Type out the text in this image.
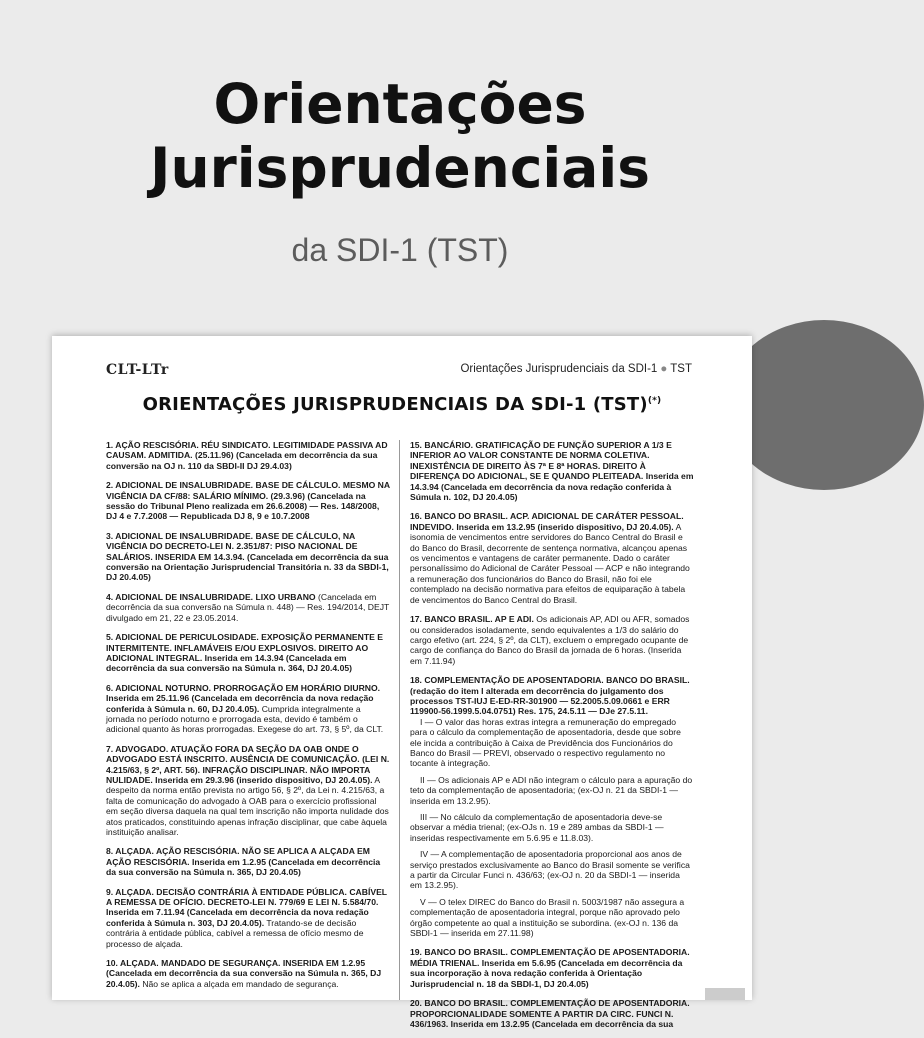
Orientações
Jurisprudenciais

da SDI-1 (TST)

CLT-LTr	Orientações Jurisprudenciais da SDI-1 ● TST
ORIENTAÇÕES JURISPRUDENCIAIS DA SDI-1 (TST)(*)
1. AÇÃO RESCISÓRIA. RÉU SINDICATO. LEGITIMIDADE PASSIVA AD CAUSAM. ADMITIDA. (25.11.96) (Cancelada em decorrência da sua conversão na OJ n. 110 da SBDI-II DJ 29.4.03)
2. ADICIONAL DE INSALUBRIDADE. BASE DE CÁLCULO. MESMO NA VIGÊNCIA DA CF/88: SALÁRIO MÍNIMO. (29.3.96) (Cancelada na sessão do Tribunal Pleno realizada em 26.6.2008) — Res. 148/2008, DJ 4 e 7.7.2008 — Republicada DJ 8, 9 e 10.7.2008
3. ADICIONAL DE INSALUBRIDADE. BASE DE CÁLCULO, NA VIGÊNCIA DO DECRETO-LEI N. 2.351/87: PISO NACIONAL DE SALÁRIOS. INSERIDA EM 14.3.94. (Cancelada em decorrência da sua conversão na Orientação Jurisprudencial Transitória n. 33 da SBDI-1, DJ 20.4.05)
4. ADICIONAL DE INSALUBRIDADE. LIXO URBANO (Cancelada em decorrência da sua conversão na Súmula n. 448) — Res. 194/2014, DEJT divulgado em 21, 22 e 23.05.2014.
5. ADICIONAL DE PERICULOSIDADE. EXPOSIÇÃO PERMANENTE E INTERMITENTE. INFLAMÁVEIS E/OU EXPLOSIVOS. DIREITO AO ADICIONAL INTEGRAL. Inserida em 14.3.94 (Cancelada em decorrência da sua conversão na Súmula n. 364, DJ 20.4.05)
6. ADICIONAL NOTURNO. PRORROGAÇÃO EM HORÁRIO DIURNO. Inserida em 25.11.96 (Cancelada em decorrência da nova redação conferida à Súmula n. 60, DJ 20.4.05). Cumprida integralmente a jornada no período noturno e prorrogada esta, devido é também o adicional quanto às horas prorrogadas. Exegese do art. 73, § 5º, da CLT.
7. ADVOGADO. ATUAÇÃO FORA DA SEÇÃO DA OAB ONDE O ADVOGADO ESTÁ INSCRITO. AUSÊNCIA DE COMUNICAÇÃO. (LEI N. 4.215/63, § 2º, ART. 56). INFRAÇÃO DISCIPLINAR. NÃO IMPORTA NULIDADE. Inserida em 29.3.96 (inserido dispositivo, DJ 20.4.05). A despeito da norma então prevista no artigo 56, § 2º, da Lei n. 4.215/63, a falta de comunicação do advogado à OAB para o exercício profissional em seção diversa daquela na qual tem inscrição não importa nulidade dos atos praticados, constituindo apenas infração disciplinar, que cabe àquela instituição analisar.
8. ALÇADA. AÇÃO RESCISÓRIA. NÃO SE APLICA A ALÇADA EM AÇÃO RESCISÓRIA. Inserida em 1.2.95 (Cancelada em decorrência da sua conversão na Súmula n. 365, DJ 20.4.05)
9. ALÇADA. DECISÃO CONTRÁRIA À ENTIDADE PÚBLICA. CABÍVEL A REMESSA DE OFÍCIO. DECRETO-LEI N. 779/69 E LEI N. 5.584/70. Inserida em 7.11.94 (Cancelada em decorrência da nova redação conferida à Súmula n. 303, DJ 20.4.05). Tratando-se de decisão contrária à entidade pública, cabível a remessa de ofício mesmo de processo de alçada.
10. ALÇADA. MANDADO DE SEGURANÇA. INSERIDA EM 1.2.95 (Cancelada em decorrência da sua conversão na Súmula n. 365, DJ 20.4.05). Não se aplica a alçada em mandado de segurança.
15. BANCÁRIO. GRATIFICAÇÃO DE FUNÇÃO SUPERIOR A 1/3 E INFERIOR AO VALOR CONSTANTE DE NORMA COLETIVA. INEXISTÊNCIA DE DIREITO ÀS 7ª E 8ª HORAS. DIREITO À DIFERENÇA DO ADICIONAL, SE E QUANDO PLEITEADA. Inserida em 14.3.94 (Cancelada em decorrência da nova redação conferida à Súmula n. 102, DJ 20.4.05)
16. BANCO DO BRASIL. ACP. ADICIONAL DE CARÁTER PESSOAL. INDEVIDO. Inserida em 13.2.95 (inserido dispositivo, DJ 20.4.05). A isonomia de vencimentos entre servidores do Banco Central do Brasil e do Banco do Brasil, decorrente de sentença normativa, alcançou apenas os vencimentos e vantagens de caráter permanente. Dado o caráter personalíssimo do Adicional de Caráter Pessoal — ACP e não integrando a remuneração dos funcionários do Banco do Brasil, não foi ele contemplado na decisão normativa para efeitos de equiparação à tabela de vencimentos do Banco Central do Brasil.
17. BANCO BRASIL. AP E ADI. Os adicionais AP, ADI ou AFR, somados ou considerados isoladamente, sendo equivalentes a 1/3 do salário do cargo efetivo (art. 224, § 2º, da CLT), excluem o empregado ocupante de cargo de confiança do Banco do Brasil da jornada de 6 horas. (Inserida em 7.11.94)
18. COMPLEMENTAÇÃO DE APOSENTADORIA. BANCO DO BRASIL. (redação do item I alterada em decorrência do julgamento dos processos TST-IUJ E-ED-RR-301900 — 52.2005.5.09.0661 e ERR 119900-56.1999.5.04.0751) Res. 175, 24.5.11 — DJe 27.5.11.
I — O valor das horas extras integra a remuneração do empregado para o cálculo da complementação de aposentadoria, desde que sobre ele incida a contribuição à Caixa de Previdência dos Funcionários do Banco do Brasil — PREVI, observado o respectivo regulamento no tocante à integração.
II — Os adicionais AP e ADI não integram o cálculo para a apuração do teto da complementação de aposentadoria; (ex-OJ n. 21 da SBDI-1 — inserida em 13.2.95).
III — No cálculo da complementação de aposentadoria deve-se observar a média trienal; (ex-OJs n. 19 e 289 ambas da SBDI-1 — inseridas respectivamente em 5.6.95 e 11.8.03).
IV — A complementação de aposentadoria proporcional aos anos de serviço prestados exclusivamente ao Banco do Brasil somente se verifica a partir da Circular Funci n. 436/63; (ex-OJ n. 20 da SBDI-1 — inserida em 13.2.95).
V — O telex DIREC do Banco do Brasil n. 5003/1987 não assegura a complementação de aposentadoria integral, porque não aprovado pelo órgão competente ao qual a instituição se subordina. (ex-OJ n. 136 da SBDI-1 — inserida em 27.11.98)
19. BANCO DO BRASIL. COMPLEMENTAÇÃO DE APOSENTADORIA. MÉDIA TRIENAL. Inserida em 5.6.95 (Cancelada em decorrência da sua incorporação à nova redação conferida à Orientação Jurisprudencial n. 18 da SBDI-1, DJ 20.4.05)
20. BANCO DO BRASIL. COMPLEMENTAÇÃO DE APOSENTADORIA. PROPORCIONALIDADE SOMENTE A PARTIR DA CIRC. FUNCI N. 436/1963. Inserida em 13.2.95 (Cancelada em decorrência da sua
